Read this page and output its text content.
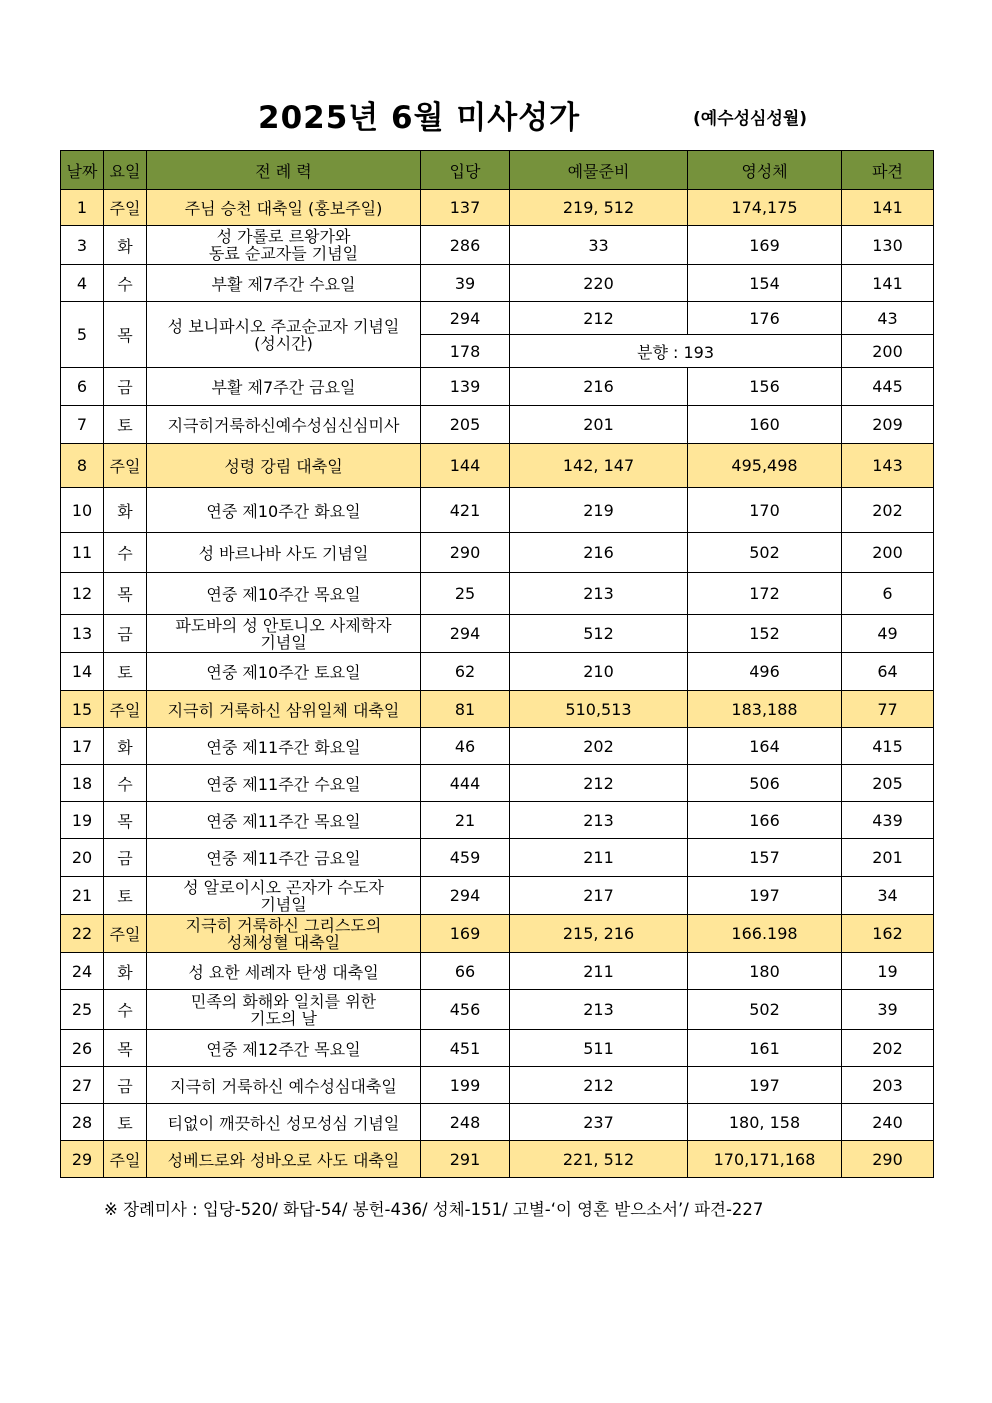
2025년 6월 미사성가	(예수성심성월)
날짜	요일	전 례 력	입당	예물준비	영성체	파견
1	주일	주님 승천 대축일 (홍보주일)	137	219, 512	174,175	141
3	화	성 가롤로 르왕가와
동료 순교자들 기념일	286	33	169	130
4	수	부활 제7주간 수요일	39	220	154	141
5	목	성 보니파시오 주교순교자 기념일
(성시간)	294	212	176	43
			178	분향 : 193		200
6	금	부활 제7주간 금요일	139	216	156	445
7	토	지극히거룩하신예수성심신심미사	205	201	160	209
8	주일	성령 강림 대축일	144	142, 147	495,498	143
10	화	연중 제10주간 화요일	421	219	170	202
11	수	성 바르나바 사도 기념일	290	216	502	200
12	목	연중 제10주간 목요일	25	213	172	6
13	금	파도바의 성 안토니오 사제학자
기념일	294	512	152	49
14	토	연중 제10주간 토요일	62	210	496	64
15	주일	지극히 거룩하신 삼위일체 대축일	81	510,513	183,188	77
17	화	연중 제11주간 화요일	46	202	164	415
18	수	연중 제11주간 수요일	444	212	506	205
19	목	연중 제11주간 목요일	21	213	166	439
20	금	연중 제11주간 금요일	459	211	157	201
21	토	성 알로이시오 곤자가 수도자
기념일	294	217	197	34
22	주일	지극히 거룩하신 그리스도의
성체성혈 대축일	169	215, 216	166.198	162
24	화	성 요한 세례자 탄생 대축일	66	211	180	19
25	수	민족의 화해와 일치를 위한
기도의 날	456	213	502	39
26	목	연중 제12주간 목요일	451	511	161	202
27	금	지극히 거룩하신 예수성심대축일	199	212	197	203
28	토	티없이 깨끗하신 성모성심 기념일	248	237	180, 158	240
29	주일	성베드로와 성바오로 사도 대축일	291	221, 512	170,171,168	290
※ 장례미사 : 입당-520/ 화답-54/ 봉헌-436/ 성체-151/ 고별-‘이 영혼 받으소서’/ 파견-227
